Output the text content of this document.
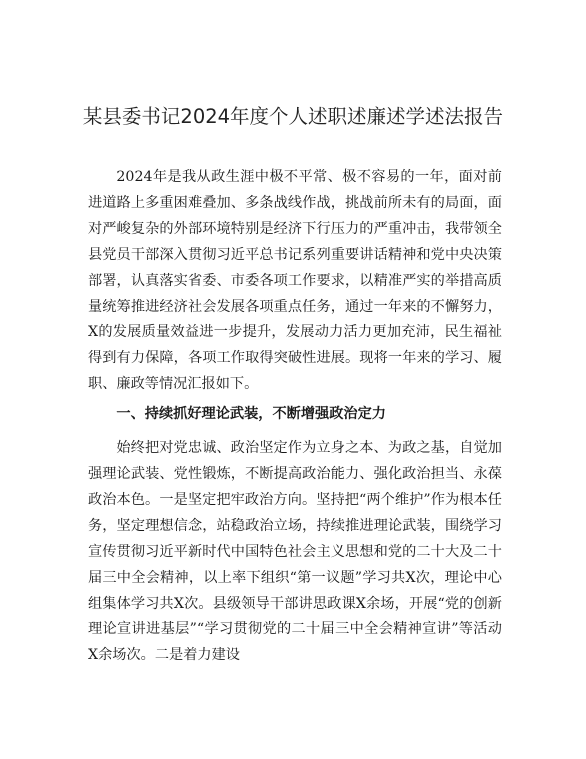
某县委书记2024年度个人述职述廉述学述法报告

2024年是我从政生涯中极不平常、极不容易的一年，面对前进道路上多重困难叠加、多条战线作战，挑战前所未有的局面，面对严峻复杂的外部环境特别是经济下行压力的严重冲击，我带领全县党员干部深入贯彻习近平总书记系列重要讲话精神和党中央决策部署，认真落实省委、市委各项工作要求，以精准严实的举措高质量统筹推进经济社会发展各项重点任务，通过一年来的不懈努力，X的发展质量效益进一步提升，发展动力活力更加充沛，民生福祉得到有力保障，各项工作取得突破性进展。现将一年来的学习、履职、廉政等情况汇报如下。

一、持续抓好理论武装，不断增强政治定力

始终把对党忠诚、政治坚定作为立身之本、为政之基，自觉加强理论武装、党性锻炼，不断提高政治能力、强化政治担当、永葆政治本色。一是坚定把牢政治方向。坚持把“两个维护”作为根本任务，坚定理想信念，站稳政治立场，持续推进理论武装，围绕学习宣传贯彻习近平新时代中国特色社会主义思想和党的二十大及二十届三中全会精神，以上率下组织“第一议题”学习共X次，理论中心组集体学习共X次。县级领导干部讲思政课X余场，开展“党的创新理论宣讲进基层”“学习贯彻党的二十届三中全会精神宣讲”等活动X余场次。二是着力建设
